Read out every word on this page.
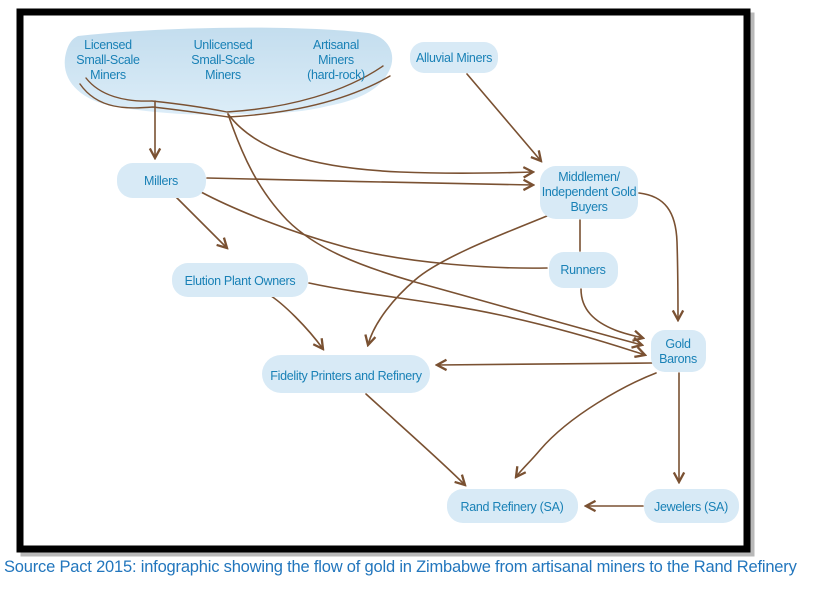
Alluvial Miners
Millers	Middlemen/
Independent Gold
Buyers
Elution Plant Owners
Runners
Gold
Barons
Fidelity Printers and Refinery
Rand Refinery (SA)	Jewelers (SA)
Licensed
Small-Scale
Miners
Unlicensed
Small-Scale
Miners
Artisanal
Miners
(hard-rock)
Source Pact 2015: infographic showing the flow of gold in Zimbabwe from artisanal miners to the Rand Refinery
